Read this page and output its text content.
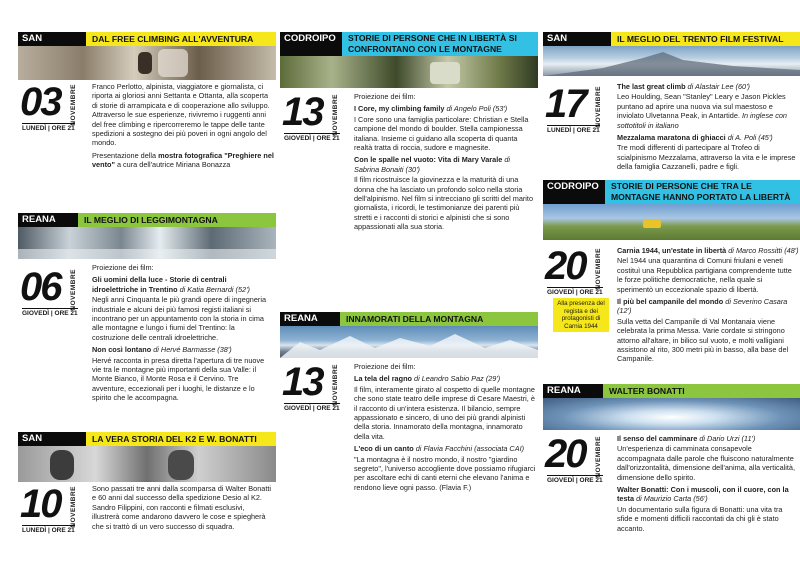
SAN	DAL FREE CLIMBING ALL'AVVENTURA
03 NOVEMBRE
LUNEDÌ | ORE 21

Franco Perlotto, alpinista, viaggiatore e giornalista, ci riporta ai gloriosi anni Settanta e Ottanta, alla scoperta di storie di arrampicata e di cooperazione allo sviluppo. Attraverso le sue esperienze, rivivremo i ruggenti anni del free climbing e ripercorreremo le tappe delle tante spedizioni a sostegno dei più poveri in ogni angolo del mondo.

Presentazione della mostra fotografica "Preghiere nel vento" a cura dell'autrice Miriana Bonazza

REANA	IL MEGLIO DI LEGGIMONTAGNA
06 NOVEMBRE
GIOVEDÌ | ORE 21

Proiezione dei film:

Gli uomini della luce - Storie di centrali idroelettriche in Trentino di Katia Bernardi (52')

Negli anni Cinquanta le più grandi opere di ingegneria industriale e alcuni dei più famosi registi italiani si incontrano per un appuntamento con la storia in cima alle montagne e lungo i fiumi del Trentino: la costruzione delle centrali idroelettriche.

Non così lontano di Hervé Barmasse (38')

Hervé racconta in presa diretta l'apertura di tre nuove vie tra le montagne più importanti della sua Valle: il Monte Bianco, il Monte Rosa e il Cervino. Tre avventure, eccezionali per i luoghi, le distanze e lo spirito che le accompagna.

SAN	LA VERA STORIA DEL K2 E W. BONATTI
10 NOVEMBRE
LUNEDÌ | ORE 21

Sono passati tre anni dalla scomparsa di Walter Bonatti e 60 anni dal successo della spedizione Desio al K2. Sandro Filippini, con racconti e filmati esclusivi, illustrerà come andarono davvero le cose e spiegherà che si trattò di un vero successo di squadra.

CODROIPO	STORIE DI PERSONE CHE IN LIBERTÀ SI CONFRONTANO CON LE MONTAGNE
13 NOVEMBRE
GIOVEDÌ | ORE 21

Proiezione dei film:

I Core, my climbing family di Angelo Poli (53')

I Core sono una famiglia particolare: Christian e Stella campione del mondo di boulder. Stella campionessa italiana. Insieme ci guidano alla scoperta di quanta realtà tratta di roccia, sudore e magnesite.

Con le spalle nel vuoto: Vita di Mary Varale di Sabrina Bonaiti (30')

Il film ricostruisce la giovinezza e la maturità di una donna che ha lasciato un profondo solco nella storia dell'alpinismo. Nel film si intrecciano gli scritti del marito giornalista, i ricordi, le testimonianze dei parenti più stretti e i racconti di storici e alpinisti che si sono appassionati alla sua storia.

REANA	INNAMORATI DELLA MONTAGNA
13 NOVEMBRE
GIOVEDÌ | ORE 21

Proiezione dei film:

La tela del ragno di Leandro Sabio Paz (29')

Il film, interamente girato al cospetto di quelle montagne che sono state teatro delle imprese di Cesare Maestri, è il racconto di un'intera esistenza. Il bilancio, sempre appassionato e sincero, di uno dei più grandi alpinisti della storia. Innamorato della montagna, innamorato della vita.

L'eco di un canto di Flavia Facchini (associata CAI)

"La montagna è il nostro mondo, il nostro "giardino segreto", l'universo accogliente dove possiamo rifugiarci per ascoltare echi di canti eterni che elevano l'anima e rendono lieve ogni passo. (Flavia F.)

SAN	IL MEGLIO DEL TRENTO FILM FESTIVAL
17 NOVEMBRE
LUNEDÌ | ORE 21

The last great climb di Alastair Lee (60')

Leo Houlding, Sean "Stanley" Leary e Jason Pickles puntano ad aprire una nuova via sul maestoso e inviolato Ulvetanna Peak, in Antartide. In inglese con sottotitoli in italiano

Mezzalama maratona di ghiacci di A. Poli (45')

Tre modi differenti di partecipare al Trofeo di scialpinismo Mezzalama, attraverso la vita e le imprese della famiglia Cazzanelli, padre e figli.

CODROIPO	STORIE DI PERSONE CHE TRA LE MONTAGNE HANNO PORTATO LA LIBERTÀ
20 NOVEMBRE
GIOVEDÌ | ORE 21
Alla presenza del regista e dei protagonisti di Carnia 1944

Carnia 1944, un'estate in libertà di Marco Rossitti (48')

Nel 1944 una quarantina di Comuni friulani e veneti costituì una Repubblica partigiana comprendente tutte le forze politiche democratiche, nella quale si sperimentò un eccezionale spazio di libertà.

Il più bel campanile del mondo di Severino Casara (12')

Sulla vetta del Campanile di Val Montanaia viene celebrata la prima Messa. Varie cordate si stringono attorno all'altare, in bilico sul vuoto, e molti valligiani assistono al rito, 300 metri più in basso, alla base del Campanile.

REANA	WALTER BONATTI
20 NOVEMBRE
GIOVEDÌ | ORE 21

Il senso del camminare di Dario Urzi (11')

Un'esperienza di camminata consapevole accompagnata dalle parole che fluiscono naturalmente dall'orizzontalità, dimensione dell'anima, alla verticalità, dimensione dello spirito.

Walter Bonatti: Con i muscoli, con il cuore, con la testa di Maurizio Carta (56')

Un documentario sulla figura di Bonatti: una vita tra sfide e momenti difficili raccontati da chi gli è stato accanto.
